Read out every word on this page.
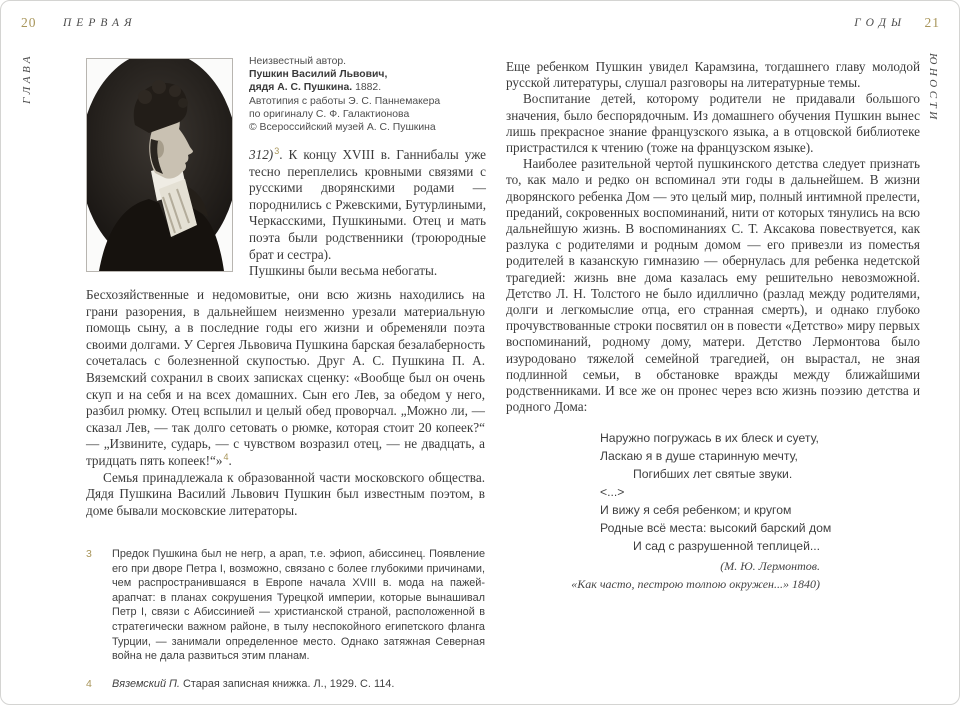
20 ПЕРВАЯ	ГОДЫ 21
ГЛАВА	ЮНОСТИ
Неизвестный автор.
Пушкин Василий Львович,
дядя А. С. Пушкина. 1882.
Автотипия с работы Э. С. Паннемакера
по оригиналу С. Ф. Галактионова
© Всероссийский музей А. С. Пушкина

312)$^3$. К концу XVIII в. Ганнибалы уже тесно переплелись кровными связями с русскими дворянскими родами — породнились с Ржевскими, Бутурлиными, Черкасскими, Пушкиными. Отец и мать поэта были родственники (троюродные брат и сестра).

Пушкины были весьма небогаты.

Бесхозяйственные и недомовитые, они всю жизнь находились на грани разорения, в дальнейшем неизменно урезали материальную помощь сыну, а в последние годы его жизни и обременяли поэта своими долгами. У Сергея Львовича Пушкина барская безалаберность сочеталась с болезненной скупостью. Друг А. С. Пушкина П. А. Вяземский сохранил в своих записках сценку: «Вообще был он очень скуп и на себя и на всех домашних. Сын его Лев, за обедом у него, разбил рюмку. Отец вспылил и целый обед проворчал. „Можно ли, — сказал Лев, — так долго сетовать о рюмке, которая стоит 20 копеек?“ — „Извините, сударь, — с чувством возразил отец, — не двадцать, а тридцать пять копеек!“»$^4$.

Семья принадлежала к образованной части московского общества. Дядя Пушкина Василий Львович Пушкин был известным поэтом, в доме бывали московские литераторы.

3	Предок Пушкина был не негр, а арап, т.е. эфиоп, абиссинец. Появление его при дворе Петра I, возможно, связано с более глубокими причинами, чем распространившаяся в Европе начала XVIII в. мода на пажей-арапчат: в планах сокрушения Турецкой империи, которые вынашивал Петр I, связи с Абиссинией — христианской страной, расположенной в стратегически важном районе, в тылу неспокойного египетского фланга Турции, — занимали определенное место. Однако затяжная Северная война не дала развиться этим планам.
4	Вяземский П. Старая записная книжка. Л., 1929. С. 114.

Еще ребенком Пушкин увидел Карамзина, тогдашнего главу молодой русской литературы, слушал разговоры на литературные темы.

Воспитание детей, которому родители не придавали большого значения, было беспорядочным. Из домашнего обучения Пушкин вынес лишь прекрасное знание французского языка, а в отцовской библиотеке пристрастился к чтению (тоже на французском языке).

Наиболее разительной чертой пушкинского детства следует признать то, как мало и редко он вспоминал эти годы в дальнейшем. В жизни дворянского ребенка Дом — это целый мир, полный интимной прелести, преданий, сокровенных воспоминаний, нити от которых тянулись на всю дальнейшую жизнь. В воспоминаниях С. Т. Аксакова повествуется, как разлука с родителями и родным домом — его привезли из поместья родителей в казанскую гимназию — обернулась для ребенка недетской трагедией: жизнь вне дома казалась ему решительно невозможной. Детство Л. Н. Толстого не было идиллично (разлад между родителями, долги и легкомыслие отца, его странная смерть), и однако глубоко прочувствованные строки посвятил он в повести «Детство» миру первых воспоминаний, родному дому, матери. Детство Лермонтова было изуродовано тяжелой семейной трагедией, он вырастал, не зная подлинной семьи, в обстановке вражды между ближайшими родственниками. И все же он пронес через всю жизнь поэзию детства и родного Дома:

Наружно погружась в их блеск и суету,
Ласкаю я в душе старинную мечту,
Погибших лет святые звуки.
<...>
И вижу я себя ребенком; и кругом
Родные всё места: высокий барский дом
И сад с разрушенной теплицей...
(М. Ю. Лермонтов.
«Как часто, пестрою толпою окружен...» 1840)
